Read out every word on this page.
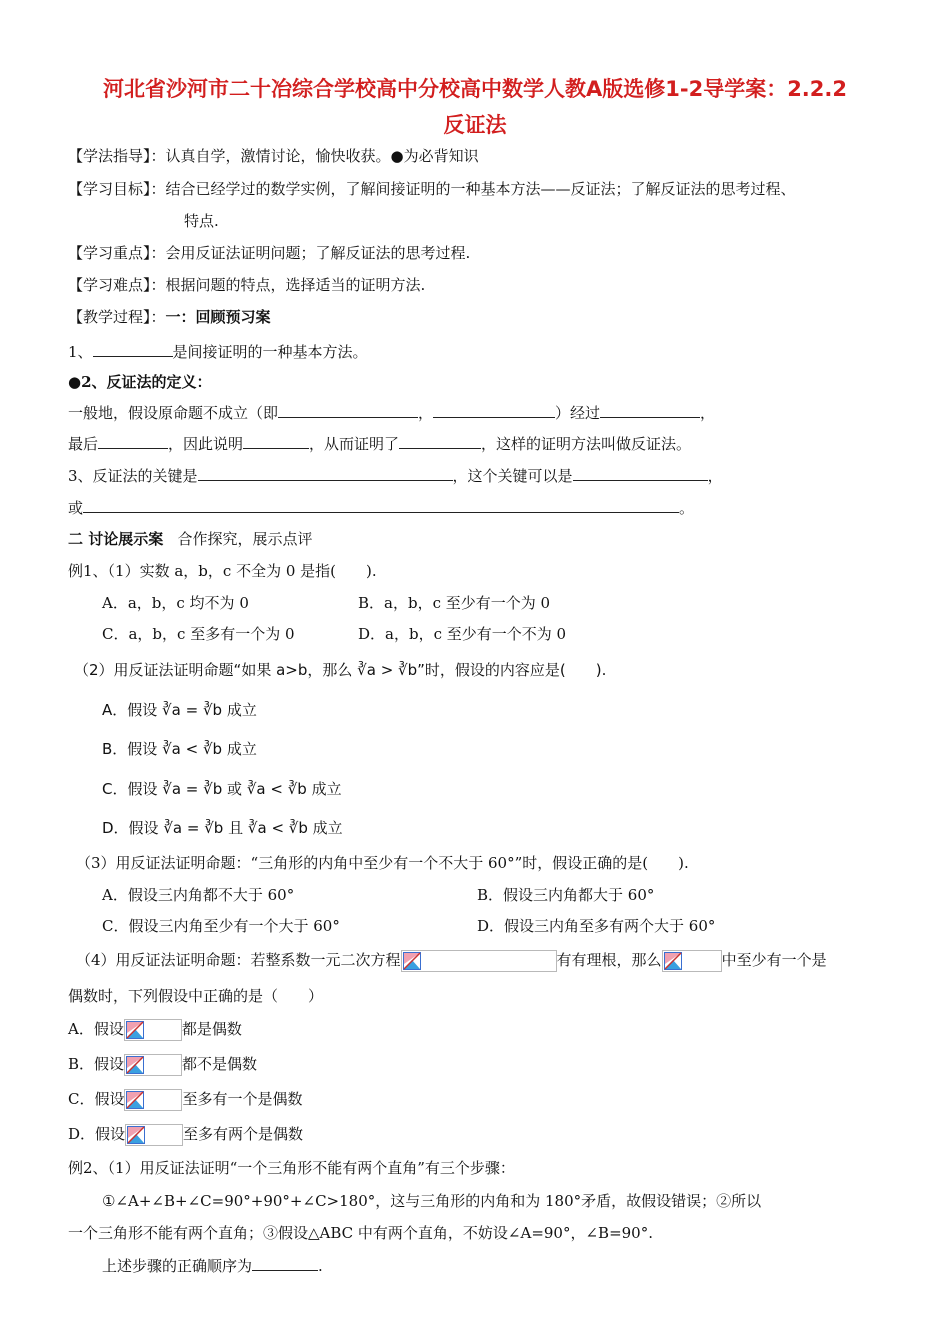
河北省沙河市二十冶综合学校高中分校高中数学人教A版选修1-2导学案：2.2.2
反证法
【学法指导】：认真自学，激情讨论，愉快收获。●为必背知识
【学习目标】：结合已经学过的数学实例，了解间接证明的一种基本方法——反证法；了解反证法的思考过程、
特点.
【学习重点】：会用反证法证明问题；了解反证法的思考过程.
【学习难点】：根据问题的特点，选择适当的证明方法.
【教学过程】：一：回顾预习案
1、	是间接证明的一种基本方法。
●2、反证法的定义：
一般地，假设原命题不成立（即	，	）经过	，
最后	，因此说明	，从而证明了	，这样的证明方法叫做反证法。
3、反证法的关键是	，这个关键可以是	，
或	。
二 讨论展示案 合作探究，展示点评
例1、（1）实数 a，b，c 不全为 0 是指(　　).
A．a，b，c 均不为 0	B．a，b，c 至少有一个为 0
C．a，b，c 至多有一个为 0	D．a，b，c 至少有一个不为 0
（2）用反证法证明命题“如果 a>b，那么 ∛a > ∛b”时，假设的内容应是(　　).
A．假设 ∛a = ∛b 成立
B．假设 ∛a < ∛b 成立
C．假设 ∛a = ∛b 或 ∛a < ∛b 成立
D．假设 ∛a = ∛b 且 ∛a < ∛b 成立
（3）用反证法证明命题：“三角形的内角中至少有一个不大于 60°”时，假设正确的是(　　).
A．假设三内角都不大于 60°	B．假设三内角都大于 60°
C．假设三内角至少有一个大于 60°	D．假设三内角至多有两个大于 60°
（4）用反证法证明命题：若整系数一元二次方程	有有理根，那么	中至少有一个是
偶数时，下列假设中正确的是（　　）
A．假设	都是偶数
B．假设	都不是偶数
C．假设	至多有一个是偶数
D．假设	至多有两个是偶数
例2、（1）用反证法证明“一个三角形不能有两个直角”有三个步骤：
①∠A+∠B+∠C=90°+90°+∠C>180°，这与三角形的内角和为 180°矛盾，故假设错误；②所以
一个三角形不能有两个直角；③假设△ABC 中有两个直角，不妨设∠A=90°，∠B=90°.
上述步骤的正确顺序为	.
